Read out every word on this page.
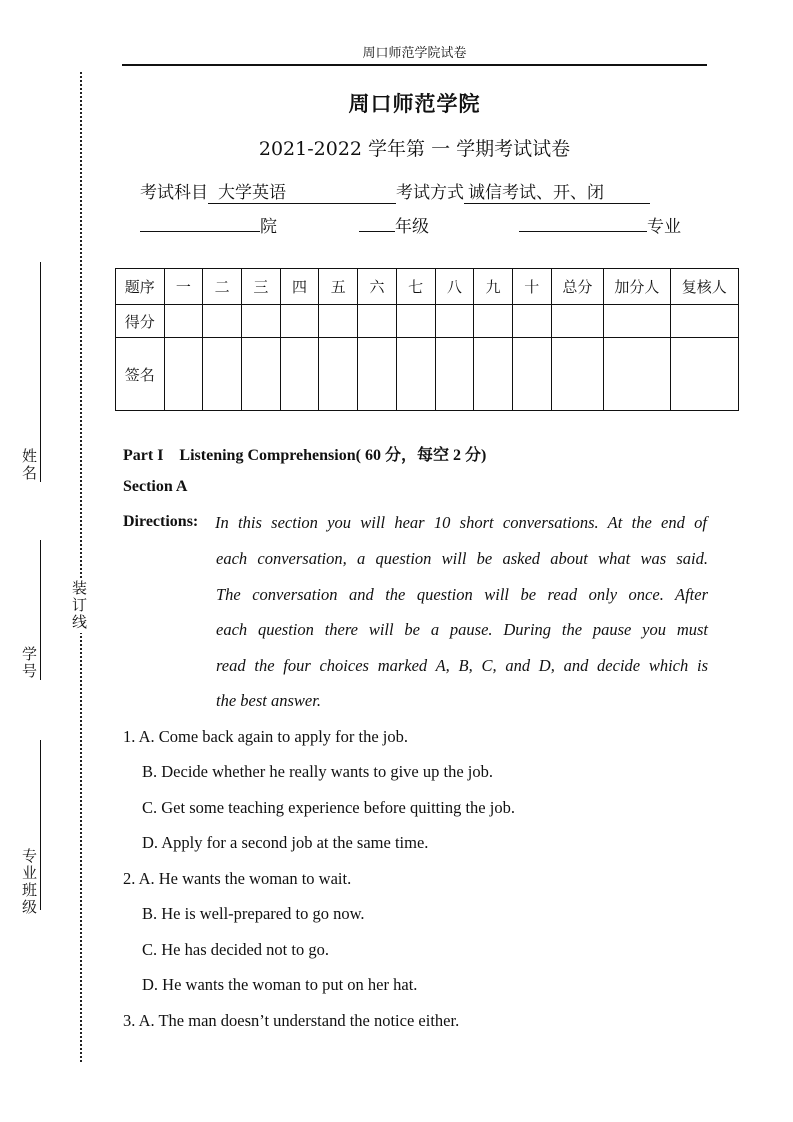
周口师范学院试卷
装订线
姓名
学号
专业班级
周口师范学院
2021-2022 学年第 一 学期考试试卷
考试科目 大学英语	考试方式 诚信考试、开、闭
院	年级	专业
题序	一	二	三	四	五	六	七	八	九	十	总分	加分人	复核人
得分													
签名													
Part I    Listening Comprehension( 60 分，每空 2 分)
Section A
Directions: In this section you will hear 10 short conversations. At the end of
each conversation, a question will be asked about what was said.
The conversation and the question will be read only once. After
each question there will be a pause. During the pause you must
read the four choices marked A, B, C, and D, and decide which is
the best answer.
1. A. Come back again to apply for the job.
B. Decide whether he really wants to give up the job.
C. Get some teaching experience before quitting the job.
D. Apply for a second job at the same time.
2. A. He wants the woman to wait.
B. He is well-prepared to go now.
C. He has decided not to go.
D. He wants the woman to put on her hat.
3. A. The man doesn’t understand the notice either.
